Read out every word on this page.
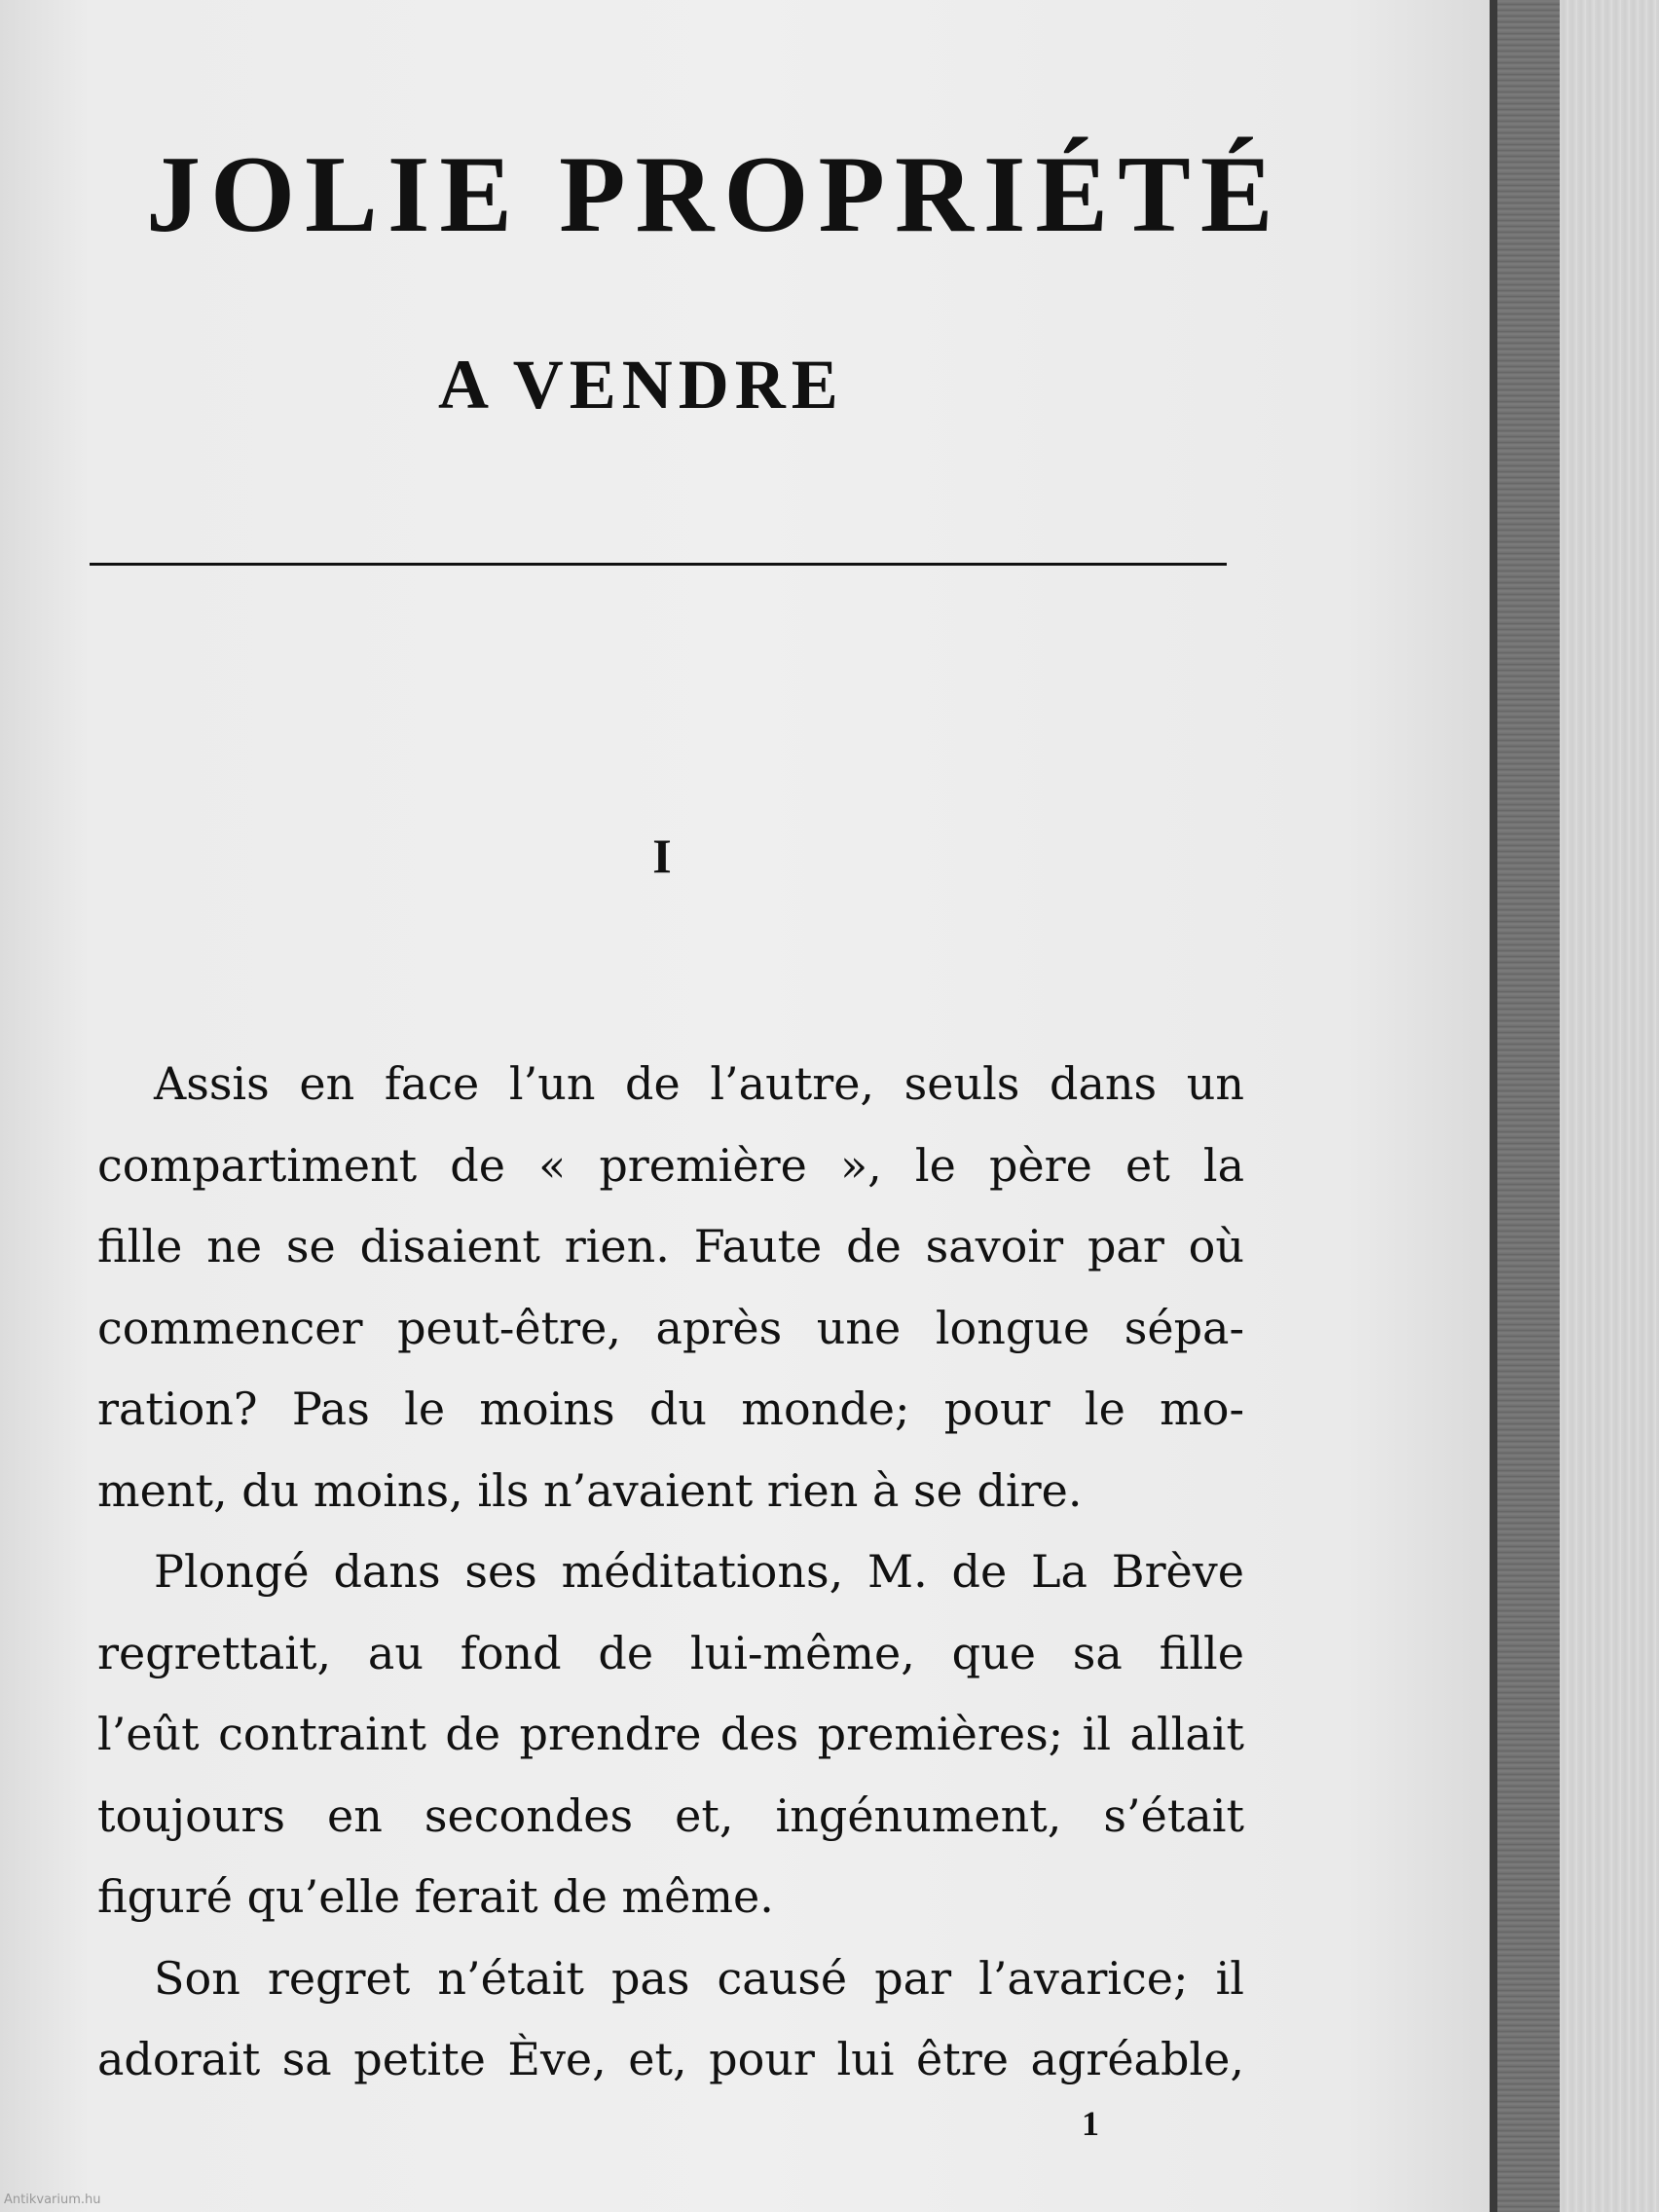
JOLIE PROPRIÉTÉ
A VENDRE
I
Assis en face l’un de l’autre, seuls dans un
compartiment de « première », le père et la
fille ne se disaient rien. Faute de savoir par où
commencer peut-être, après une longue sépa-
ration? Pas le moins du monde; pour le mo-
ment, du moins, ils n’avaient rien à se dire.
Plongé dans ses méditations, M. de La Brève
regrettait, au fond de lui-même, que sa fille
l’eût contraint de prendre des premières; il allait
toujours en secondes et, ingénument, s’était
figuré qu’elle ferait de même.
Son regret n’était pas causé par l’avarice; il
adorait sa petite Ève, et, pour lui être agréable,
1
Antikvarium.hu
